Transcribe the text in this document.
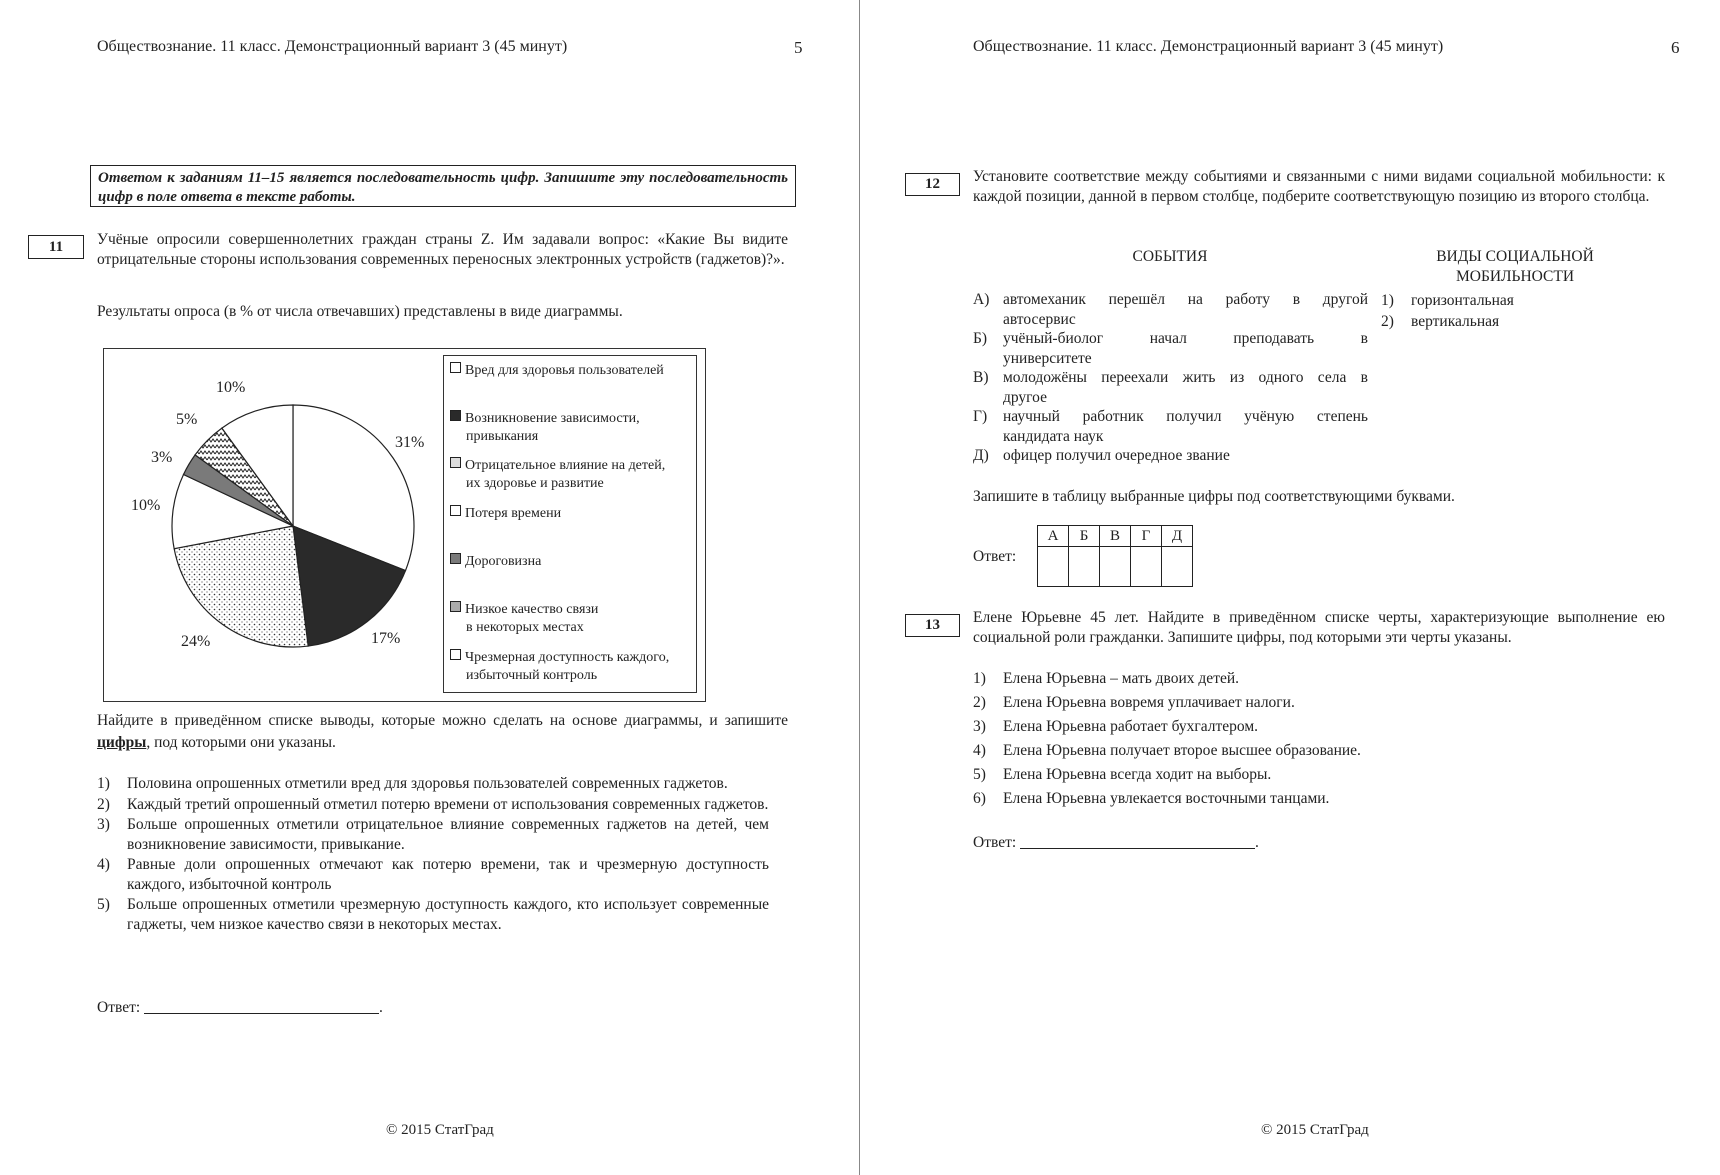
Обществознание. 11 класс. Демонстрационный вариант 3 (45 минут)	5
Ответом к заданиям 11–15 является последовательность цифр. Запишите эту последовательность цифр в поле ответа в тексте работы.
11	Учёные опросили совершеннолетних граждан страны Z. Им задавали вопрос: «Какие Вы видите отрицательные стороны использования современных переносных электронных устройств (гаджетов)?».
Результаты опроса (в % от числа отвечавших) представлены в виде диаграммы.
Вред для здоровья пользователей
Возникновение зависимости,
привыкания
Отрицательное влияние на детей,
их здоровье и развитие
Потеря времени
Дороговизна
Низкое качество связи
в некоторых местах
Чрезмерная доступность каждого,
избыточный контроль
31%
17%
24%
10%
3%
5%
10%
Найдите в приведённом списке выводы, которые можно сделать на основе диаграммы, и запишите цифры, под которыми они указаны.
1) Половина опрошенных отметили вред для здоровья пользователей современных гаджетов.
2) Каждый третий опрошенный отметил потерю времени от использования современных гаджетов.
3) Больше опрошенных отметили отрицательное влияние современных гаджетов на детей, чем возникновение зависимости, привыкание.
4) Равные доли опрошенных отмечают как потерю времени, так и чрезмерную доступность каждого, избыточной контроль
5) Больше опрошенных отметили чрезмерную доступность каждого, кто использует современные гаджеты, чем низкое качество связи в некоторых местах.
Ответ:	.
© 2015 СтатГрад
Обществознание. 11 класс. Демонстрационный вариант 3 (45 минут)	6
12	Установите соответствие между событиями и связанными с ними видами социальной мобильности: к каждой позиции, данной в первом столбце, подберите соответствующую позицию из второго столбца.
СОБЫТИЯ	ВИДЫ СОЦИАЛЬНОЙ
МОБИЛЬНОСТИ
А) автомеханик перешёл на работу в другой
автосервис
Б) учёный-биолог начал преподавать в
университете
В) молодожёны переехали жить из одного села в
другое
Г) научный работник получил учёную степень
кандидата наук
Д) офицер получил очередное звание
1) горизонтальная
2) вертикальная
Запишите в таблицу выбранные цифры под соответствующими буквами.
Ответ:
А	Б	В	Г	Д

13	Елене Юрьевне 45 лет. Найдите в приведённом списке черты, характеризующие выполнение ею социальной роли гражданки. Запишите цифры, под которыми эти черты указаны.
1) Елена Юрьевна – мать двоих детей.
2) Елена Юрьевна вовремя уплачивает налоги.
3) Елена Юрьевна работает бухгалтером.
4) Елена Юрьевна получает второе высшее образование.
5) Елена Юрьевна всегда ходит на выборы.
6) Елена Юрьевна увлекается восточными танцами.
Ответ:	.
© 2015 СтатГрад
